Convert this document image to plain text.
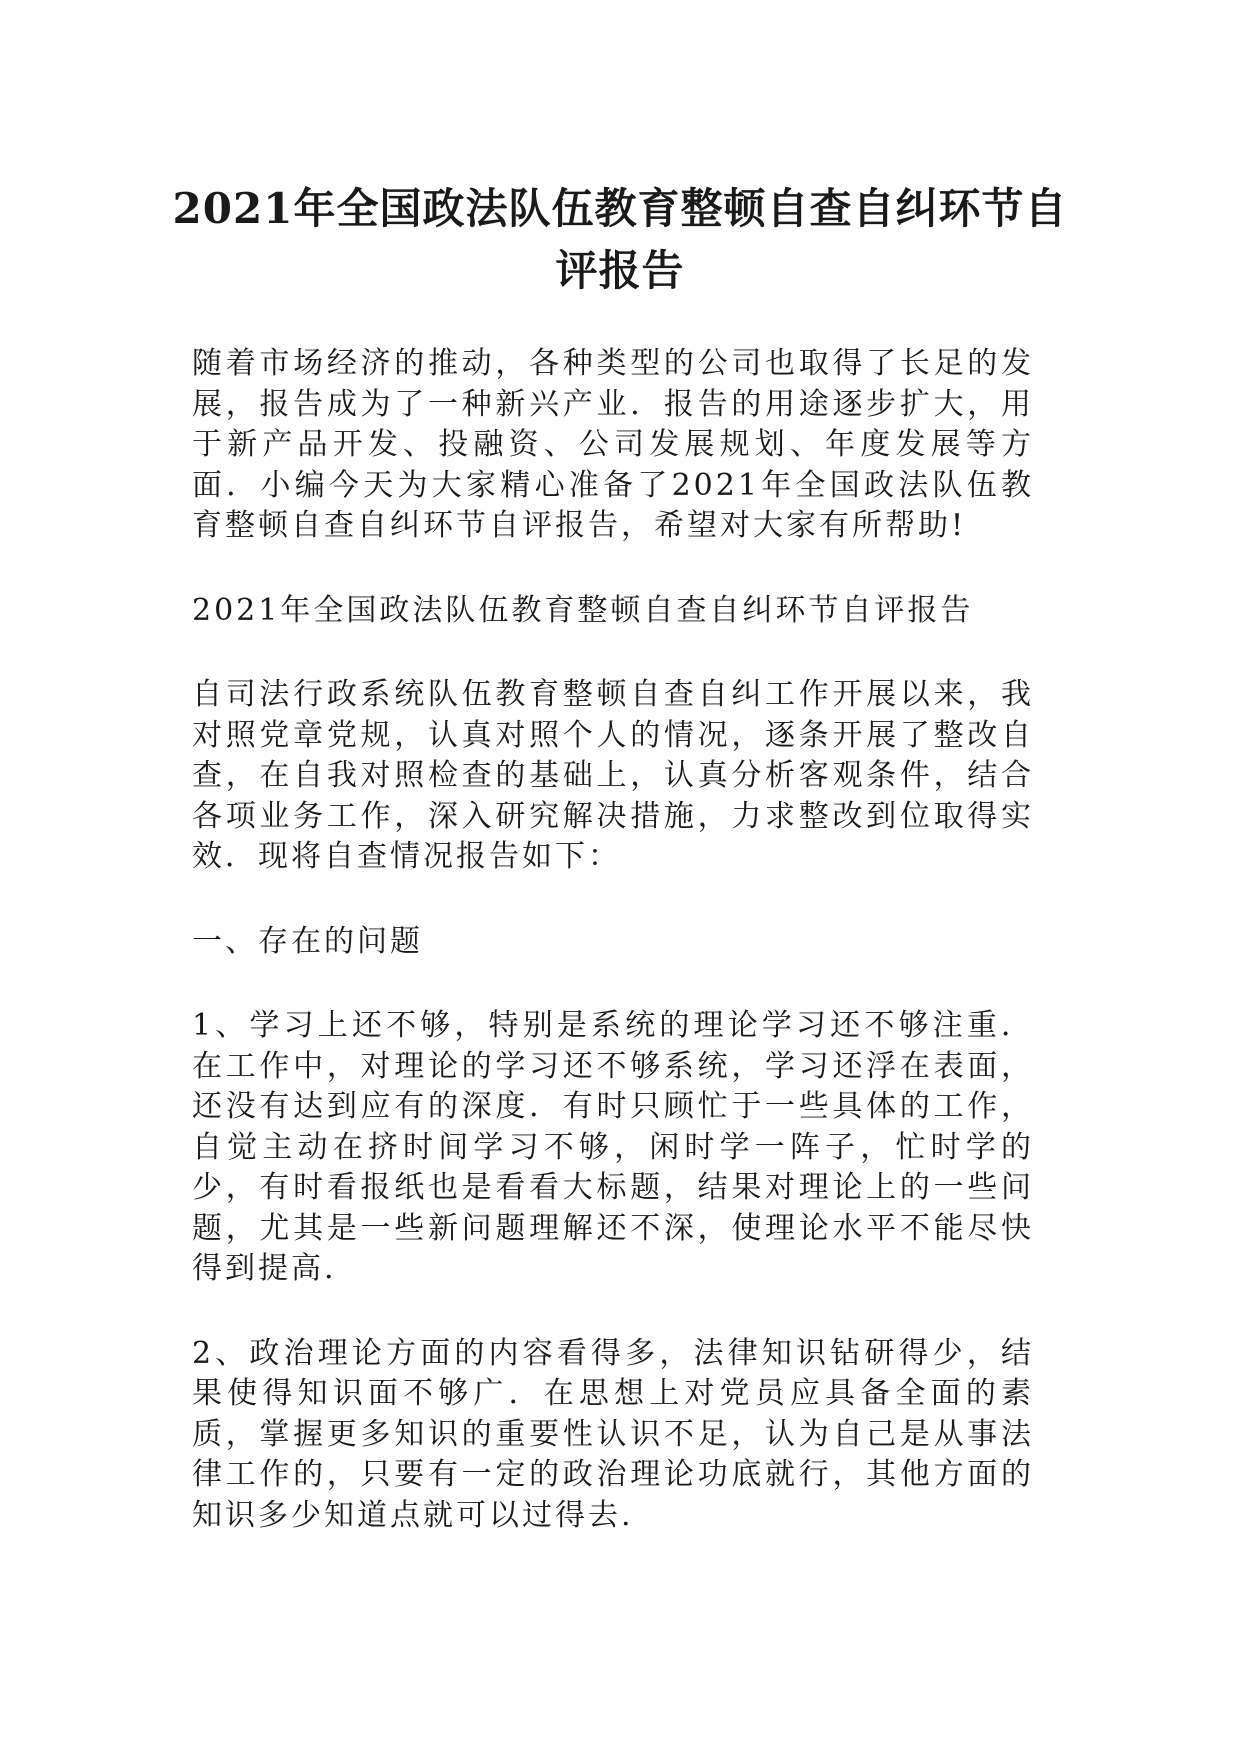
2021年全国政法队伍教育整顿自查自纠环节自评报告

随着市场经济的推动，各种类型的公司也取得了长足的发展，报告成为了一种新兴产业．报告的用途逐步扩大，用于新产品开发、投融资、公司发展规划、年度发展等方面．小编今天为大家精心准备了2021年全国政法队伍教育整顿自查自纠环节自评报告，希望对大家有所帮助!

2021年全国政法队伍教育整顿自查自纠环节自评报告

自司法行政系统队伍教育整顿自查自纠工作开展以来，我对照党章党规，认真对照个人的情况，逐条开展了整改自查，在自我对照检查的基础上，认真分析客观条件，结合各项业务工作，深入研究解决措施，力求整改到位取得实效．现将自查情况报告如下：

一、存在的问题

1、学习上还不够，特别是系统的理论学习还不够注重．在工作中，对理论的学习还不够系统，学习还浮在表面，还没有达到应有的深度．有时只顾忙于一些具体的工作，自觉主动在挤时间学习不够，闲时学一阵子，忙时学的少，有时看报纸也是看看大标题，结果对理论上的一些问题，尤其是一些新问题理解还不深，使理论水平不能尽快得到提高.

2、政治理论方面的内容看得多，法律知识钻研得少，结果使得知识面不够广．在思想上对党员应具备全面的素质，掌握更多知识的重要性认识不足，认为自己是从事法律工作的，只要有一定的政治理论功底就行，其他方面的知识多少知道点就可以过得去.
